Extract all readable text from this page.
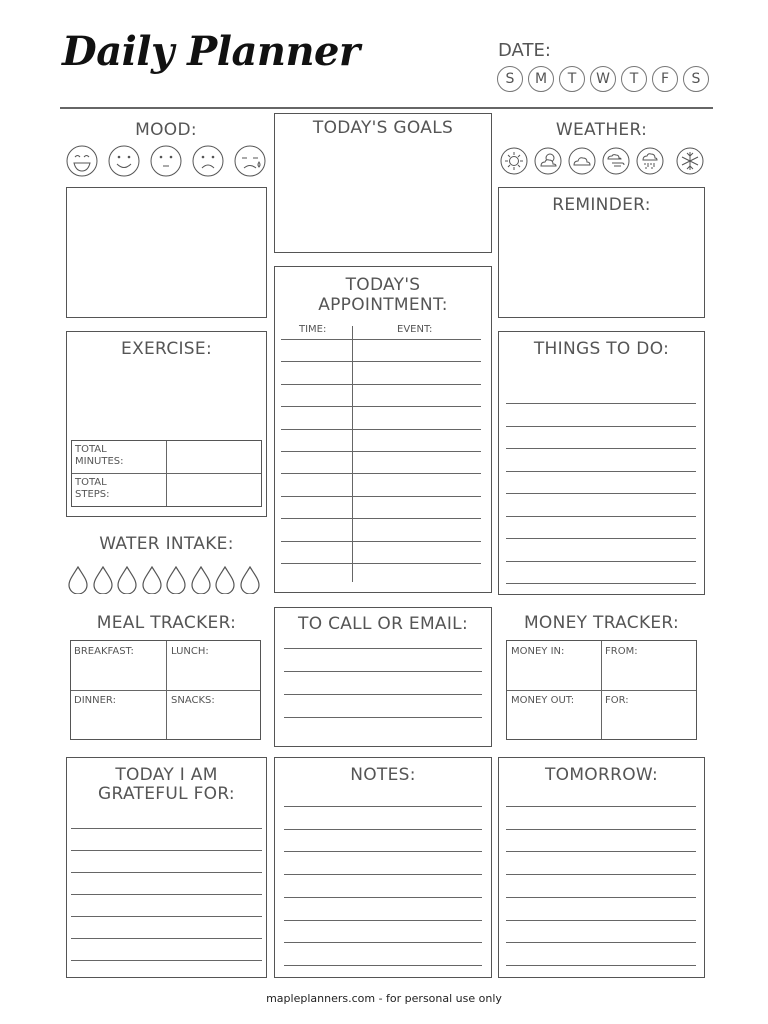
Daily Planner	DATE:
S	M	T	W	T	F	S
MOOD:	TODAY'S GOALS	WEATHER:
REMINDER:
TODAY'S
APPOINTMENT:
TIME:	EVENT:
EXERCISE:
TOTAL
MINUTES:
TOTAL
STEPS:
THINGS TO DO:
WATER INTAKE:
MEAL TRACKER:
BREAKFAST:	LUNCH:
DINNER:	SNACKS:
TO CALL OR EMAIL:	MONEY TRACKER:
MONEY IN:	FROM:
MONEY OUT:	FOR:
TODAY I AM
GRATEFUL FOR:
NOTES:	TOMORROW:
mapleplanners.com - for personal use only
